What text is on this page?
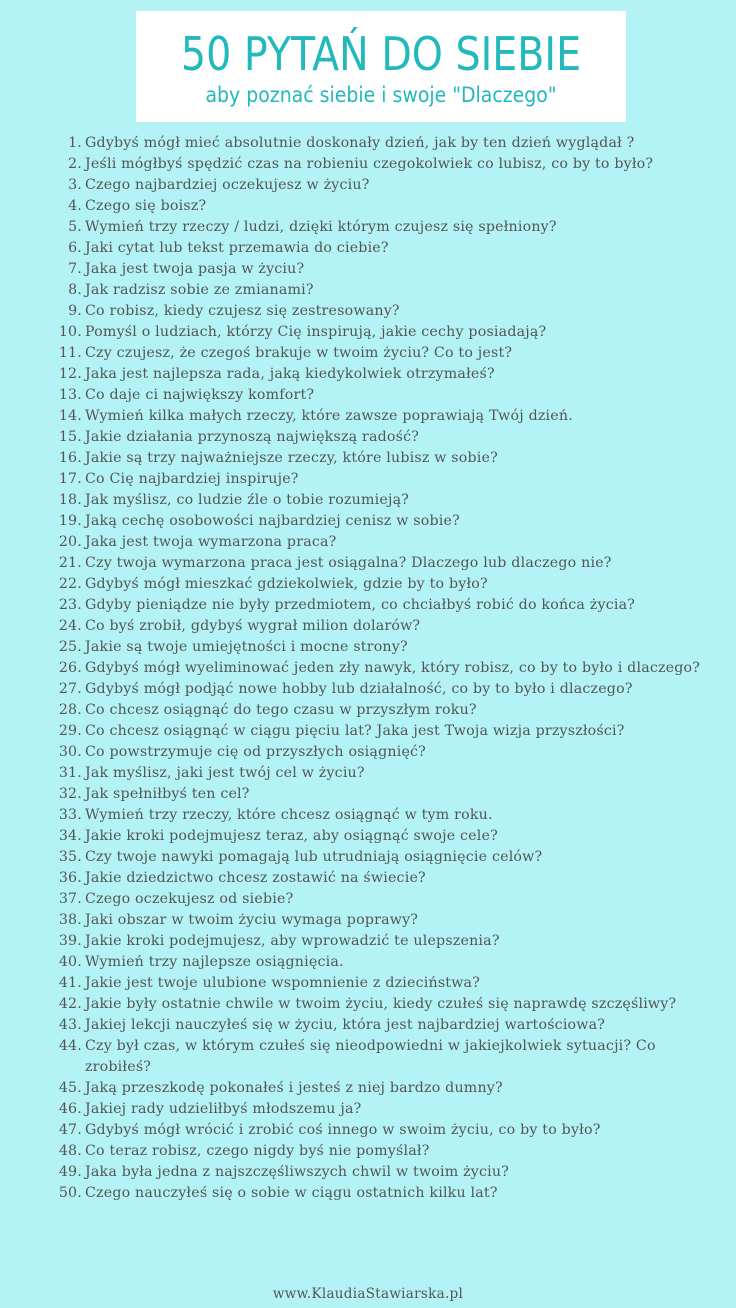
50 PYTAŃ DO SIEBIE
aby poznać siebie i swoje "Dlaczego"
1. Gdybyś mógł mieć absolutnie doskonały dzień, jak by ten dzień wyglądał ?
2. Jeśli mógłbyś spędzić czas na robieniu czegokolwiek co lubisz, co by to było?
3. Czego najbardziej oczekujesz w życiu?
4. Czego się boisz?
5. Wymień trzy rzeczy / ludzi, dzięki którym czujesz się spełniony?
6. Jaki cytat lub tekst przemawia do ciebie?
7. Jaka jest twoja pasja w życiu?
8. Jak radzisz sobie ze zmianami?
9. Co robisz, kiedy czujesz się zestresowany?
10. Pomyśl o ludziach, którzy Cię inspirują, jakie cechy posiadają?
11. Czy czujesz, że czegoś brakuje w twoim życiu? Co to jest?
12. Jaka jest najlepsza rada, jaką kiedykolwiek otrzymałeś?
13. Co daje ci największy komfort?
14. Wymień kilka małych rzeczy, które zawsze poprawiają Twój dzień.
15. Jakie działania przynoszą największą radość?
16. Jakie są trzy najważniejsze rzeczy, które lubisz w sobie?
17. Co Cię najbardziej inspiruje?
18. Jak myślisz, co ludzie źle o tobie rozumieją?
19. Jaką cechę osobowości najbardziej cenisz w sobie?
20. Jaka jest twoja wymarzona praca?
21. Czy twoja wymarzona praca jest osiągalna? Dlaczego lub dlaczego nie?
22. Gdybyś mógł mieszkać gdziekolwiek, gdzie by to było?
23. Gdyby pieniądze nie były przedmiotem, co chciałbyś robić do końca życia?
24. Co byś zrobił, gdybyś wygrał milion dolarów?
25. Jakie są twoje umiejętności i mocne strony?
26. Gdybyś mógł wyeliminować jeden zły nawyk, który robisz, co by to było i dlaczego?
27. Gdybyś mógł podjąć nowe hobby lub działalność, co by to było i dlaczego?
28. Co chcesz osiągnąć do tego czasu w przyszłym roku?
29. Co chcesz osiągnąć w ciągu pięciu lat? Jaka jest Twoja wizja przyszłości?
30. Co powstrzymuje cię od przyszłych osiągnięć?
31. Jak myślisz, jaki jest twój cel w życiu?
32. Jak spełniłbyś ten cel?
33. Wymień trzy rzeczy, które chcesz osiągnąć w tym roku.
34. Jakie kroki podejmujesz teraz, aby osiągnąć swoje cele?
35. Czy twoje nawyki pomagają lub utrudniają osiągnięcie celów?
36. Jakie dziedzictwo chcesz zostawić na świecie?
37. Czego oczekujesz od siebie?
38. Jaki obszar w twoim życiu wymaga poprawy?
39. Jakie kroki podejmujesz, aby wprowadzić te ulepszenia?
40. Wymień trzy najlepsze osiągnięcia.
41. Jakie jest twoje ulubione wspomnienie z dzieciństwa?
42. Jakie były ostatnie chwile w twoim życiu, kiedy czułeś się naprawdę szczęśliwy?
43. Jakiej lekcji nauczyłeś się w życiu, która jest najbardziej wartościowa?
44. Czy był czas, w którym czułeś się nieodpowiedni w jakiejkolwiek sytuacji? Co zrobiłeś?
45. Jaką przeszkodę pokonałeś i jesteś z niej bardzo dumny?
46. Jakiej rady udzieliłbyś młodszemu ja?
47. Gdybyś mógł wrócić i zrobić coś innego w swoim życiu, co by to było?
48. Co teraz robisz, czego nigdy byś nie pomyślał?
49. Jaka była jedna z najszczęśliwszych chwil w twoim życiu?
50. Czego nauczyłeś się o sobie w ciągu ostatnich kilku lat?
www.KlaudiaStawiarska.pl
